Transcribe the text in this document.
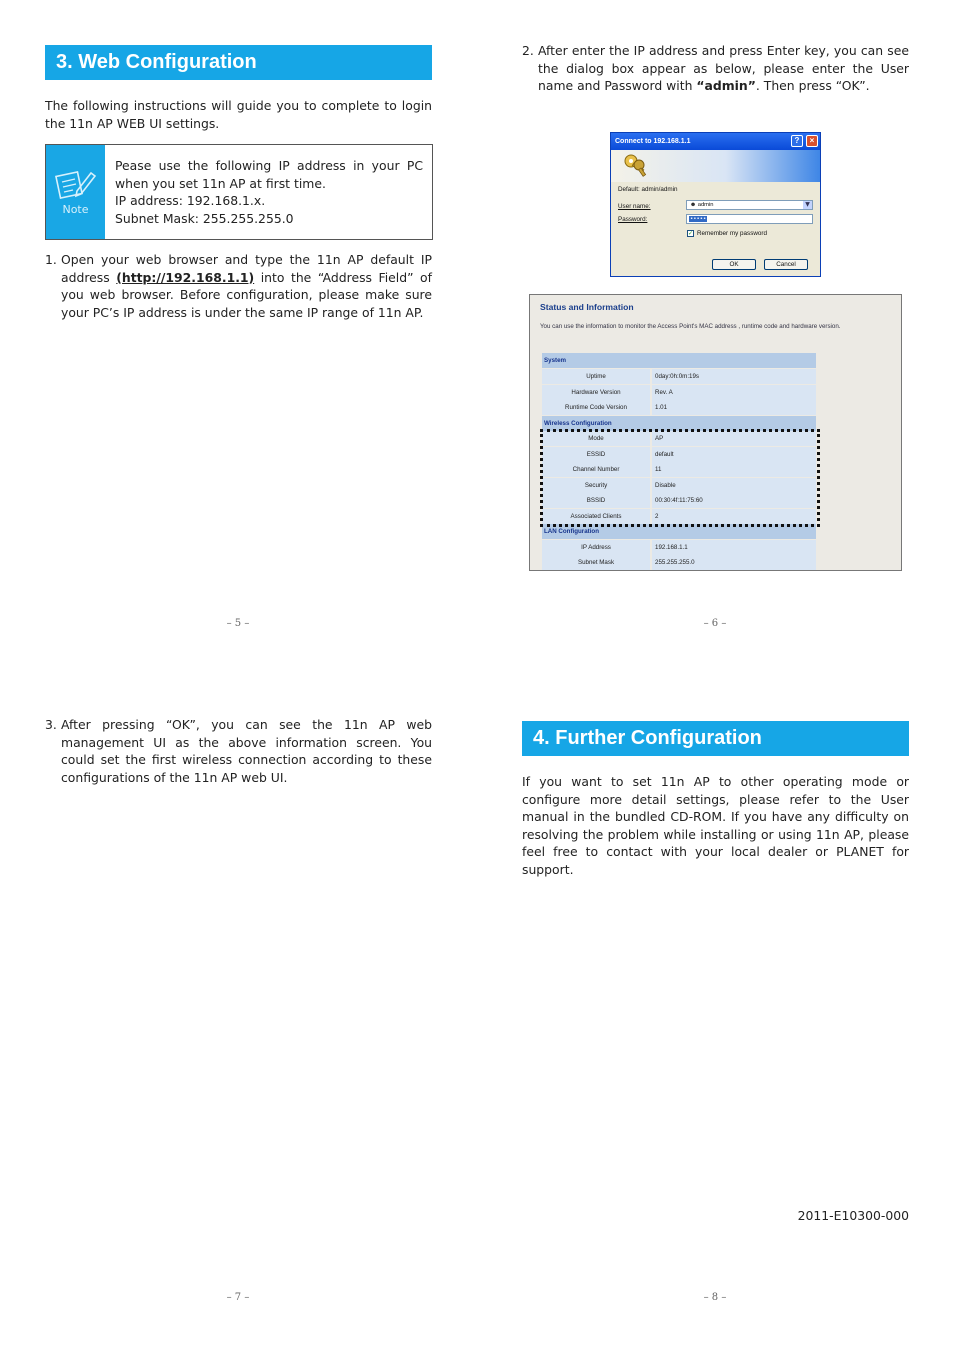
3. Web Configuration
The following instructions will guide you to complete to login the 11n AP WEB UI settings.
Note
Pease use the following IP address in your PC when you set 11n AP at first time.
IP address: 192.168.1.x.
Subnet Mask: 255.255.255.0
1. Open your web browser and type the 11n AP default IP address (http://192.168.1.1) into the “Address Field” of you web browser. Before configuration, please make sure your PC’s IP address is under the same IP range of 11n AP.
– 5 –
2. After enter the IP address and press Enter key, you can see the dialog box appear as below, please enter the User name and Password with “admin”. Then press “OK”.
Connect to 192.168.1.1	?	×
Default: admin/admin
User name:	☻ admin	▼
Password:	•••••
✓ Remember my password
OK	Cancel
Status and Information
You can use the information to monitor the Access Point's MAC address , runtime code and hardware version.
System
Uptime	0day:0h:0m:19s
Hardware Version	Rev. A
Runtime Code Version	1.01
Wireless Configuration
Mode	AP
ESSID	default
Channel Number	11
Security	Disable
BSSID	00:30:4f:11:75:60
Associated Clients	2
LAN Configuration
IP Address	192.168.1.1
Subnet Mask	255.255.255.0
– 6 –
3. After pressing “OK”, you can see the 11n AP web management UI as the above information screen. You could set the first wireless connection according to these configurations of the 11n AP web UI.
– 7 –
4. Further Configuration
If you want to set 11n AP to other operating mode or configure more detail settings, please refer to the User manual in the bundled CD-ROM. If you have any difficulty on resolving the problem while installing or using 11n AP, please feel free to contact with your local dealer or PLANET for support.
2011-E10300-000
– 8 –
